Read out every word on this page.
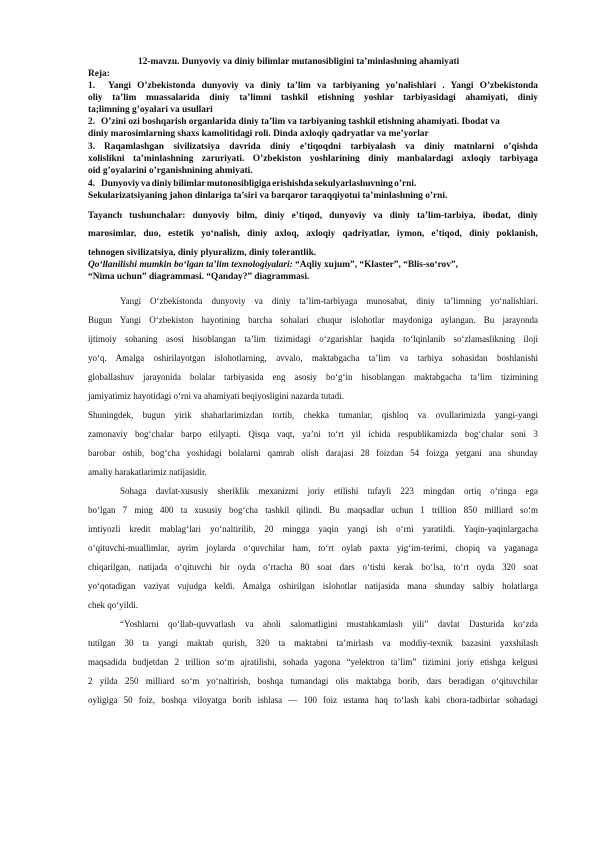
12-mavzu. Dunyoviy va diniy bilimlar mutanosibligini ta’minlashning ahamiyati
Reja:
1.	Yangi O’zbekistonda dunyoviy va diniy ta’lim va tarbiyaning yo’nalishlari . Yangi O’zbekistonda
oliy ta’lim muassalarida diniy ta’limni tashkil etishning yoshlar tarbiyasidagi ahamiyati, diniy
ta;limning g’oyalari va usullari
2. O’zini ozi boshqarish organlarida diniy ta’lim va tarbiyaning tashkil etishning ahamiyati. Ibodat va
diniy marosimlarning shaxs kamolitidagi roli. Dinda axloqiy qadryatlar va me’yorlar
3. Raqamlashgan sivilizatsiya davrida diniy e’tiqoqdni tarbiyalash va diniy matnlarni o’qishda
xolislikni ta’minlashning zaruriyati. O’zbekiston yoshlarining diniy manbalardagi axloqiy tarbiyaga
oid g’oyalarini o’rganishnining ahmiyati.
4. Dunyoviy va diniy bilimlar mutonosibligiga erishishda sekulyarlashuvning o’rni.
Sekularizatsiyaning jahon dinlariga ta’siri va barqaror taraqqiyotui ta’minlashning o’rni.
Tayanch tushunchalar: dunyoviy bilm, diniy e’tiqod, dunyoviy va diniy ta’lim-tarbiya, ibodat, diniy
marosimlar, duo, estetik yo‘nalish, diniy axloq, axloqiy qadriyatlar, iymon, e’tiqod, diniy poklanish,
tehnogen sivilizatsiya, diniy plyuralizm, diniy tolerantlik.
Qo‘llanilishi mumkin bo‘lgan ta’lim texnologiyalari: “Aqliy xujum”, “Klaster”, “Blis-so‘rov”,
“Nima uchun” diagrammasi. “Qanday?” diagrammasi.
Yangi O‘zbekistonda dunyoviy va diniy ta’lim-tarbiyaga munosabat, diniy ta’limning yo‘nalishlari.
Bugun Yangi O‘zbekiston hayotining barcha sohalari chuqur islohotlar maydoniga aylangan. Bu jarayonda
ijtimoiy sohaning asosi hisoblangan ta’lim tizimidagi o‘zgarishlar haqida to‘lqinlanib so‘zlamaslikning iloji
yo‘q. Amalga oshirilayotgan islohotlarning, avvalo, maktabgacha ta’lim va tarbiya sohasidan boshlanishi
globallashuv jarayonida bolalar tarbiyasida eng asosiy bo‘g‘in hisoblangan maktabgacha ta’lim tizimining
jamiyatimiz hayotidagi o‘rni va ahamiyati beqiyosligini nazarda tutadi.
Shuningdek, bugun yirik shaharlarimizdan tortib, chekka tumanlar, qishloq va ovullarimizda yangi-yangi
zamonaviy bog‘chalar barpo etilyapti. Qisqa vaqt, ya’ni to‘rt yil ichida respublikamizda bog‘chalar soni 3
barobar oshib, bog‘cha yoshidagi bolalarni qamrab olish darajasi 28 foizdan 54 foizga yetgani ana shunday
amaliy harakatlarimiz natijasidir.
Sohaga davlat-xususiy sheriklik mexanizmi joriy etilishi tufayli 223 mingdan ortiq o‘ringa ega
bo‘lgan 7 ming 400 ta xususiy bog‘cha tashkil qilindi. Bu maqsadlar uchun 1 trillion 850 milliard so‘m
imtiyozli kredit mablag‘lari yo‘naltirilib, 20 mingga yaqin yangi ish o‘rni yaratildi. Yaqin-yaqinlargacha
o‘qituvchi-muallimlar, ayrim joylarda o‘quvchilar ham, to‘rt oylab paxta yig‘im-terimi, chopiq va yaganaga
chiqarilgan, natijada o‘qituvchi bir oyda o‘rtacha 80 soat dars o‘tishi kerak bo‘lsa, to‘rt oyda 320 soat
yo‘qotadigan vaziyat vujudga keldi. Amalga oshirilgan islohotlar natijasida mana shunday salbiy holatlarga
chek qo‘yildi.
“Yoshlarni qo‘llab-quvvatlash va aholi salomatligini mustahkamlash yili” davlat Dasturida ko‘zda
tutilgan 30 ta yangi maktab qurish, 320 ta maktabni ta’mirlash va moddiy-texnik bazasini yaxshilash
maqsadida budjetdan 2 trillion so‘m ajratilishi, sohada yagona “yelektron ta’lim” tizimini joriy etishga kelgusi
2 yilda 250 milliard so‘m yo‘naltirish, boshqa tumandagi olis maktabga borib, dars beradigan o‘qituvchilar
oyligiga 50 foiz, boshqa viloyatga borib ishlasa — 100 foiz ustama haq to‘lash kabi chora-tadbirlar sohadagi
